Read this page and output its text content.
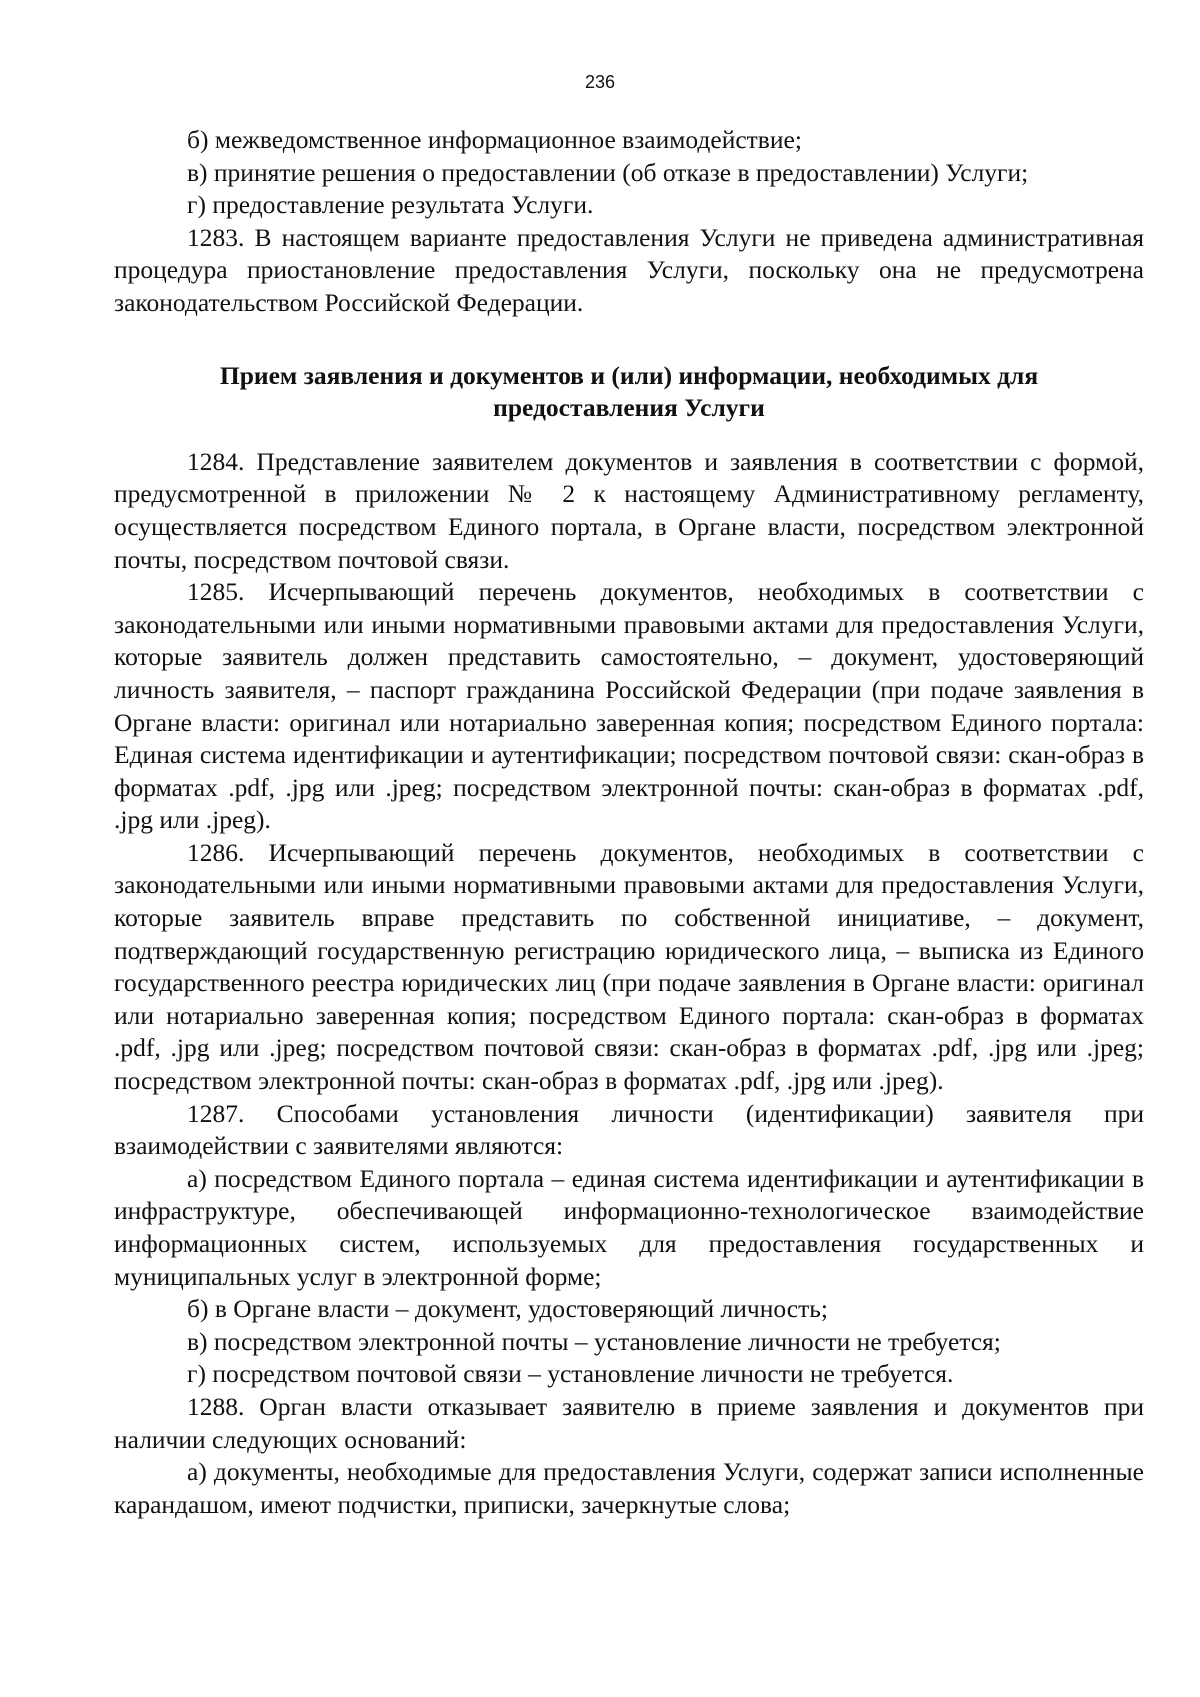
236

б) межведомственное информационное взаимодействие;

в) принятие решения о предоставлении (об отказе в предоставлении) Услуги;

г) предоставление результата Услуги.

1283. В настоящем варианте предоставления Услуги не приведена административная процедура приостановление предоставления Услуги, поскольку она не предусмотрена законодательством Российской Федерации.

Прием заявления и документов и (или) информации, необходимых для
предоставления Услуги

1284. Представление заявителем документов и заявления в соответствии с формой, предусмотренной в приложении № 2 к настоящему Административному регламенту, осуществляется посредством Единого портала, в Органе власти, посредством электронной почты, посредством почтовой связи.

1285. Исчерпывающий перечень документов, необходимых в соответствии с законодательными или иными нормативными правовыми актами для предоставления Услуги, которые заявитель должен представить самостоятельно, – документ, удостоверяющий личность заявителя, – паспорт гражданина Российской Федерации (при подаче заявления в Органе власти: оригинал или нотариально заверенная копия; посредством Единого портала: Единая система идентификации и аутентификации; посредством почтовой связи: скан-образ в форматах .pdf, .jpg или .jpeg; посредством электронной почты: скан-образ в форматах .pdf, .jpg или .jpeg).

1286. Исчерпывающий перечень документов, необходимых в соответствии с законодательными или иными нормативными правовыми актами для предоставления Услуги, которые заявитель вправе представить по собственной инициативе, – документ, подтверждающий государственную регистрацию юридического лица, – выписка из Единого государственного реестра юридических лиц (при подаче заявления в Органе власти: оригинал или нотариально заверенная копия; посредством Единого портала: скан-образ в форматах .pdf, .jpg или .jpeg; посредством почтовой связи: скан-образ в форматах .pdf, .jpg или .jpeg; посредством электронной почты: скан-образ в форматах .pdf, .jpg или .jpeg).

1287. Способами установления личности (идентификации) заявителя при взаимодействии с заявителями являются:

а) посредством Единого портала – единая система идентификации и аутентификации в инфраструктуре, обеспечивающей информационно-технологическое взаимодействие информационных систем, используемых для предоставления государственных и муниципальных услуг в электронной форме;

б) в Органе власти – документ, удостоверяющий личность;

в) посредством электронной почты – установление личности не требуется;

г) посредством почтовой связи – установление личности не требуется.

1288. Орган власти отказывает заявителю в приеме заявления и документов при наличии следующих оснований:

а) документы, необходимые для предоставления Услуги, содержат записи исполненные карандашом, имеют подчистки, приписки, зачеркнутые слова;
